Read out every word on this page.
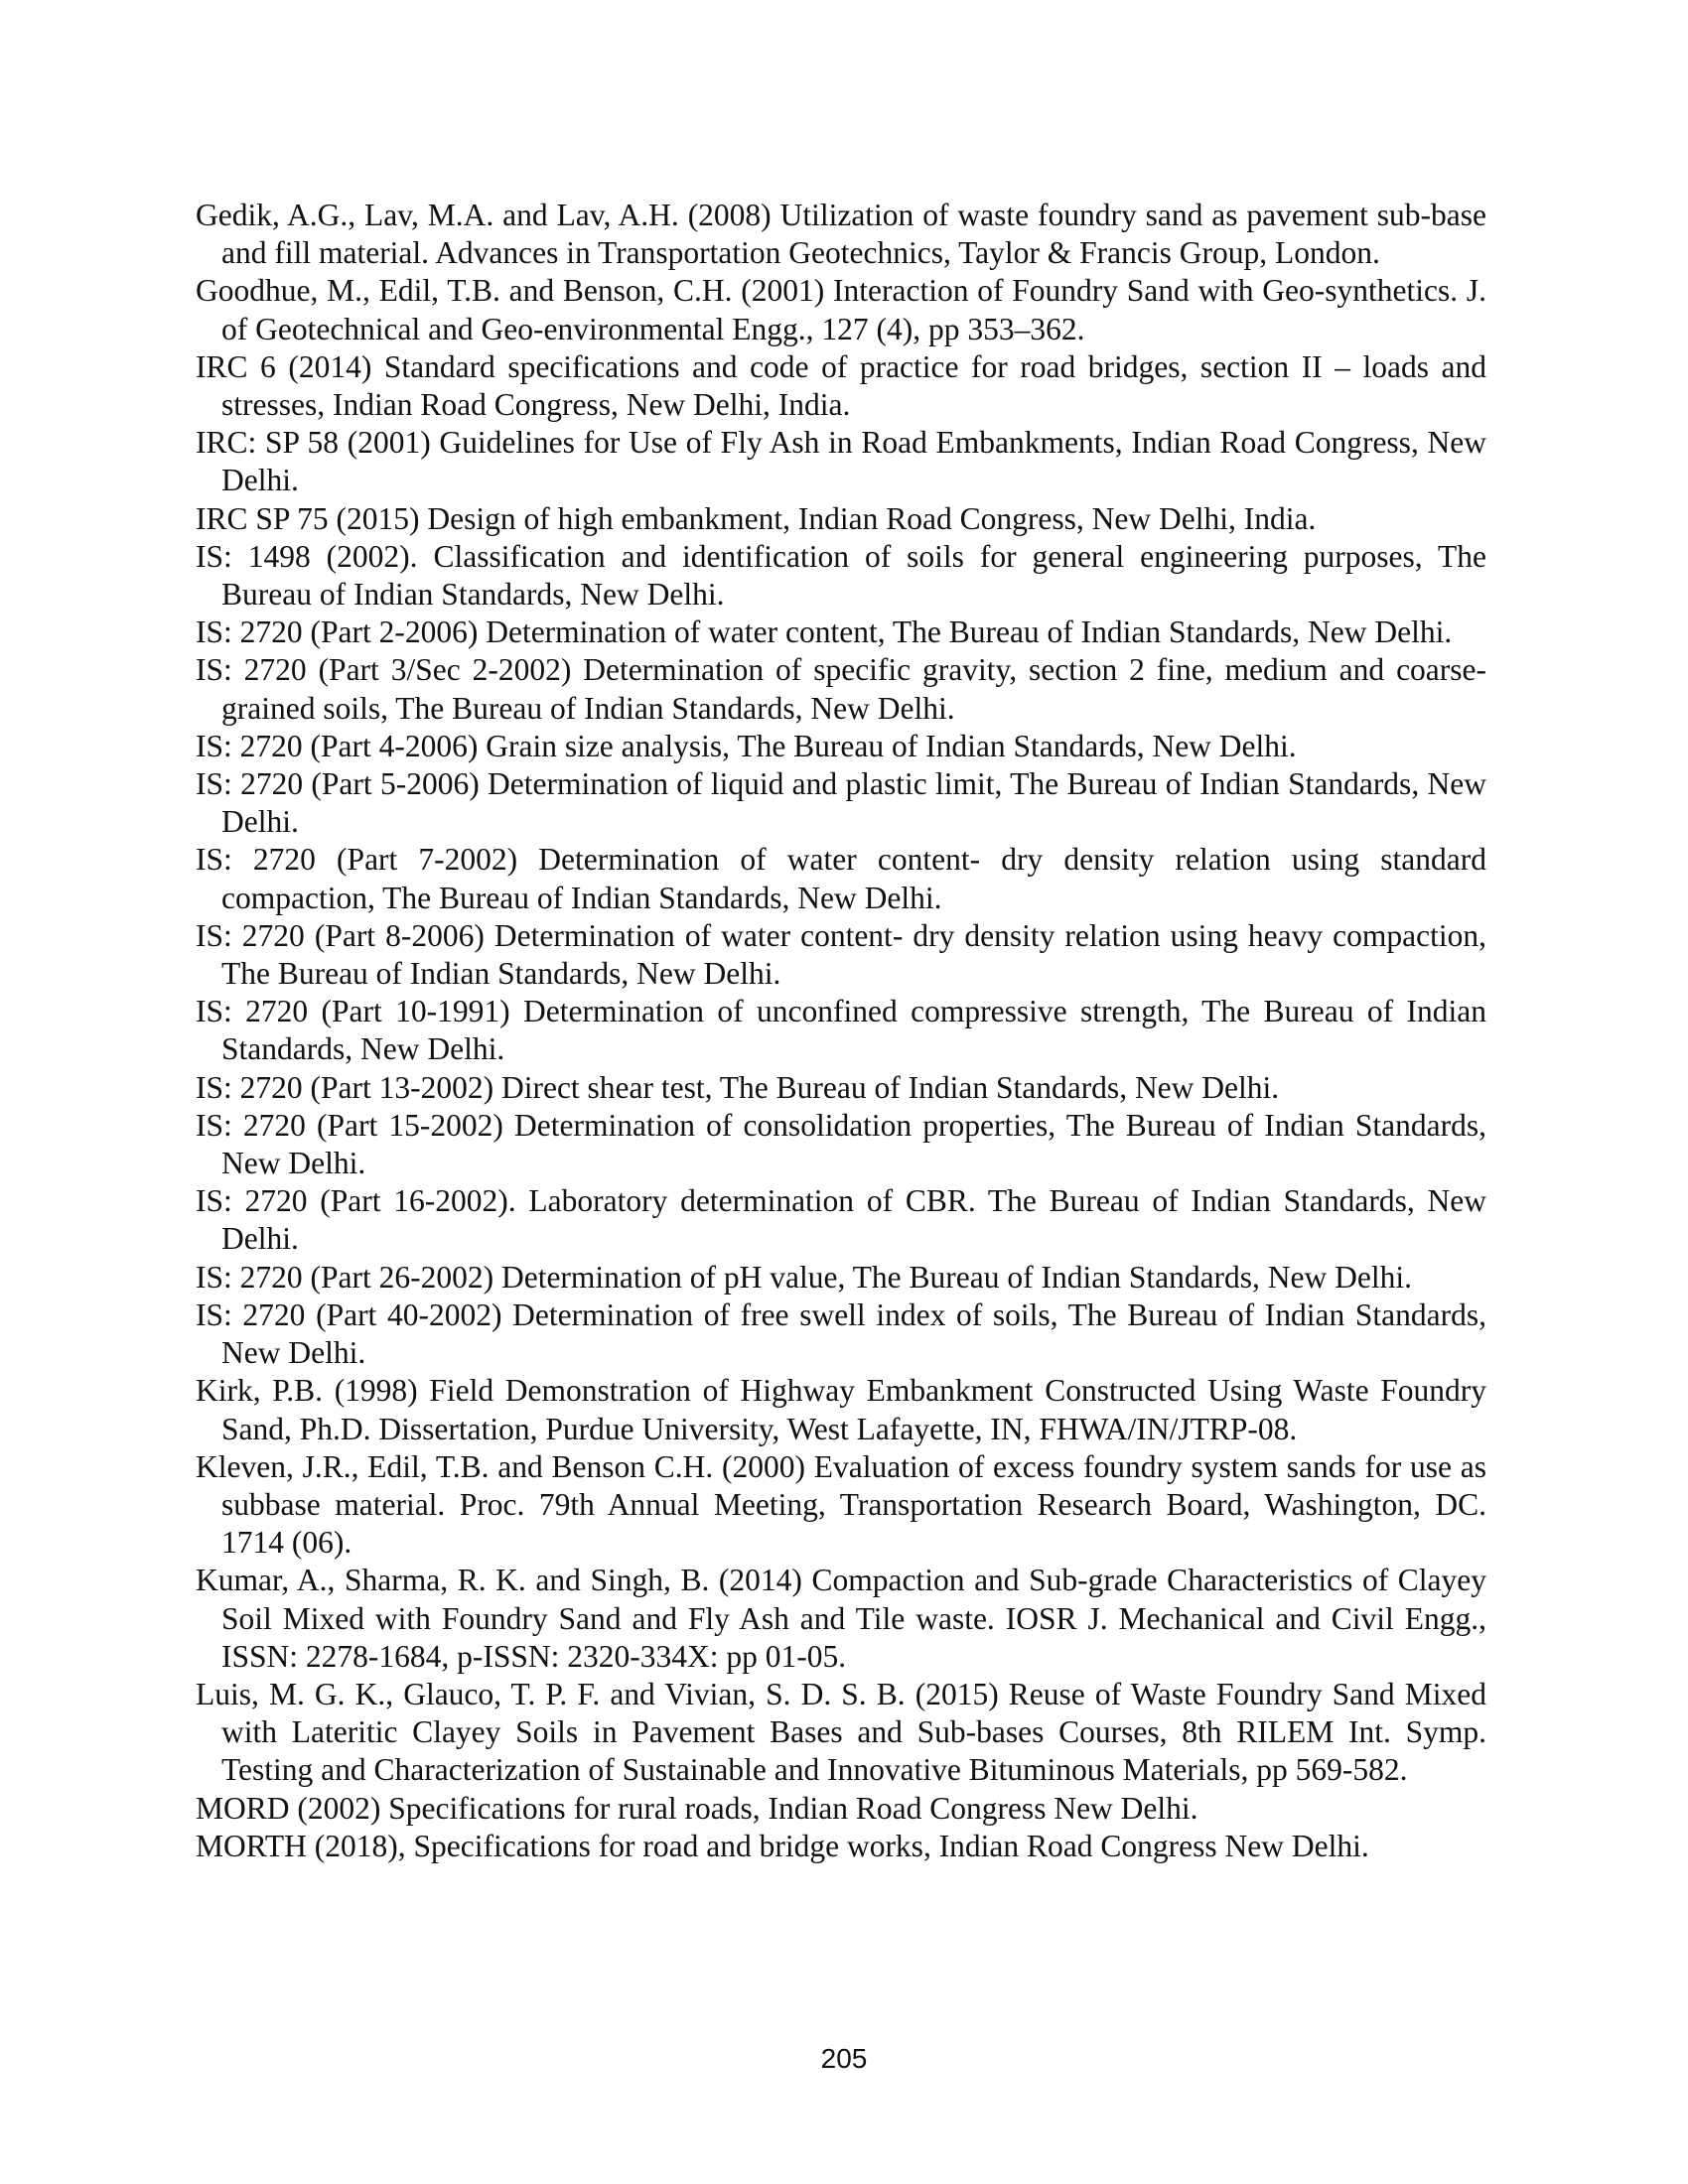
Gedik, A.G., Lav, M.A. and Lav, A.H. (2008) Utilization of waste foundry sand as pavement sub-base and fill material. Advances in Transportation Geotechnics, Taylor & Francis Group, London.
Goodhue, M., Edil, T.B. and Benson, C.H. (2001) Interaction of Foundry Sand with Geo-synthetics. J. of Geotechnical and Geo-environmental Engg., 127 (4), pp 353–362.
IRC 6 (2014) Standard specifications and code of practice for road bridges, section II – loads and stresses, Indian Road Congress, New Delhi, India.
IRC: SP 58 (2001) Guidelines for Use of Fly Ash in Road Embankments, Indian Road Congress, New Delhi.
IRC SP 75 (2015) Design of high embankment, Indian Road Congress, New Delhi, India.
IS: 1498 (2002). Classification and identification of soils for general engineering purposes, The Bureau of Indian Standards, New Delhi.
IS: 2720 (Part 2-2006) Determination of water content, The Bureau of Indian Standards, New Delhi.
IS: 2720 (Part 3/Sec 2-2002) Determination of specific gravity, section 2 fine, medium and coarse-grained soils, The Bureau of Indian Standards, New Delhi.
IS: 2720 (Part 4-2006) Grain size analysis, The Bureau of Indian Standards, New Delhi.
IS: 2720 (Part 5-2006) Determination of liquid and plastic limit, The Bureau of Indian Standards, New Delhi.
IS: 2720 (Part 7-2002) Determination of water content- dry density relation using standard compaction, The Bureau of Indian Standards, New Delhi.
IS: 2720 (Part 8-2006) Determination of water content- dry density relation using heavy compaction, The Bureau of Indian Standards, New Delhi.
IS: 2720 (Part 10-1991) Determination of unconfined compressive strength, The Bureau of Indian Standards, New Delhi.
IS: 2720 (Part 13-2002) Direct shear test, The Bureau of Indian Standards, New Delhi.
IS: 2720 (Part 15-2002) Determination of consolidation properties, The Bureau of Indian Standards, New Delhi.
IS: 2720 (Part 16-2002). Laboratory determination of CBR. The Bureau of Indian Standards, New Delhi.
IS: 2720 (Part 26-2002) Determination of pH value, The Bureau of Indian Standards, New Delhi.
IS: 2720 (Part 40-2002) Determination of free swell index of soils, The Bureau of Indian Standards, New Delhi.
Kirk, P.B. (1998) Field Demonstration of Highway Embankment Constructed Using Waste Foundry Sand, Ph.D. Dissertation, Purdue University, West Lafayette, IN, FHWA/IN/JTRP-08.
Kleven, J.R., Edil, T.B. and Benson C.H. (2000) Evaluation of excess foundry system sands for use as subbase material. Proc. 79th Annual Meeting, Transportation Research Board, Washington, DC. 1714 (06).
Kumar, A., Sharma, R. K. and Singh, B. (2014) Compaction and Sub-grade Characteristics of Clayey Soil Mixed with Foundry Sand and Fly Ash and Tile waste. IOSR J. Mechanical and Civil Engg., ISSN: 2278-1684, p-ISSN: 2320-334X: pp 01-05.
Luis, M. G. K., Glauco, T. P. F. and Vivian, S. D. S. B. (2015) Reuse of Waste Foundry Sand Mixed with Lateritic Clayey Soils in Pavement Bases and Sub-bases Courses, 8th RILEM Int. Symp. Testing and Characterization of Sustainable and Innovative Bituminous Materials, pp 569-582.
MORD (2002) Specifications for rural roads, Indian Road Congress New Delhi.
MORTH (2018), Specifications for road and bridge works, Indian Road Congress New Delhi.
205
